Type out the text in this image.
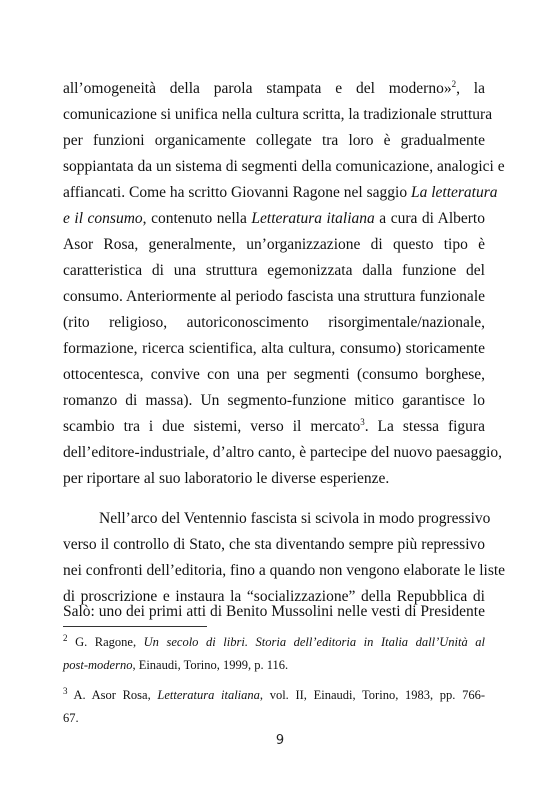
all’omogeneità della parola stampata e del moderno»$^2$, la
comunicazione si unifica nella cultura scritta, la tradizionale struttura
per funzioni organicamente collegate tra loro è gradualmente
soppiantata da un sistema di segmenti della comunicazione, analogici e
affiancati. Come ha scritto Giovanni Ragone nel saggio La letteratura
e il consumo, contenuto nella Letteratura italiana a cura di Alberto
Asor Rosa, generalmente, un’organizzazione di questo tipo è
caratteristica di una struttura egemonizzata dalla funzione del
consumo. Anteriormente al periodo fascista una struttura funzionale
(rito religioso, autoriconoscimento risorgimentale/nazionale,
formazione, ricerca scientifica, alta cultura, consumo) storicamente
ottocentesca, convive con una per segmenti (consumo borghese,
romanzo di massa). Un segmento-funzione mitico garantisce lo
scambio tra i due sistemi, verso il mercato$^3$. La stessa figura
dell’editore-industriale, d’altro canto, è partecipe del nuovo paesaggio,
per riportare al suo laboratorio le diverse esperienze.
Nell’arco del Ventennio fascista si scivola in modo progressivo
verso il controllo di Stato, che sta diventando sempre più repressivo
nei confronti dell’editoria, fino a quando non vengono elaborate le liste
di proscrizione e instaura la “socializzazione” della Repubblica di
Salò: uno dei primi atti di Benito Mussolini nelle vesti di Presidente
$^2$ G. Ragone, Un secolo di libri. Storia dell’editoria in Italia dall’Unità al
post-moderno, Einaudi, Torino, 1999, p. 116.
$^3$ A. Asor Rosa, Letteratura italiana, vol. II, Einaudi, Torino, 1983, pp. 766-
67.
9
